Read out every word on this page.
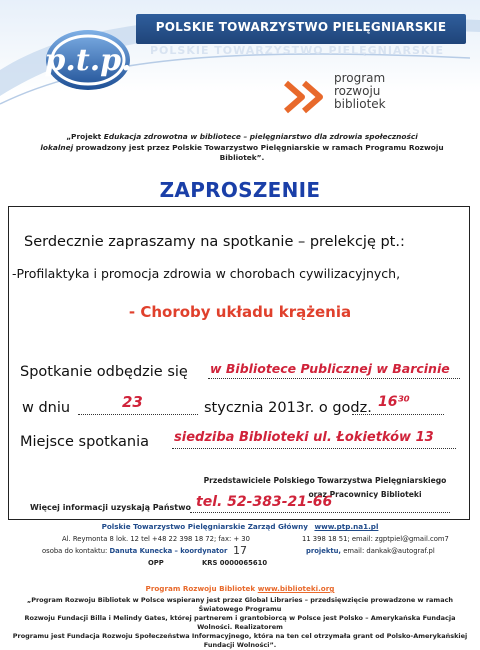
p.t.p.
POLSKIE TOWARZYSTWO PIELĘGNIARSKIE
POLSKIE TOWARZYSTWO PIELĘGNIARSKIE
program
rozwoju
bibliotek
„Projekt Edukacja zdrowotna w bibliotece – pielęgniarstwo dla zdrowia społeczności
lokalnej prowadzony jest przez Polskie Towarzystwo Pielęgniarskie w ramach Programu Rozwoju Bibliotek”.
ZAPROSZENIE
Serdecznie zapraszamy na spotkanie – prelekcję pt.:
-Profilaktyka i promocja zdrowia w chorobach cywilizacyjnych,
- Choroby układu krążenia
Spotkanie odbędzie się w Bibliotece Publicznej w Barcinie
w dniu	23	stycznia 2013r. o godz. 16³⁰
Miejsce spotkania siedziba Biblioteki ul. Łokietków 13
Przedstawiciele Polskiego Towarzystwa Pielęgniarskiego
oraz Pracownicy Biblioteki
Więcej informacji uzyskają Państwo tel. 52-383-21-66
Polskie Towarzystwo Pielęgniarskie Zarząd Główny www.ptp.na1.pl
Al. Reymonta 8 lok. 12 tel +48 22 398 18 72; fax: + 30	11 398 18 51; email: zgptpiel@gmail.com7
osoba do kontaktu: Danuta Kunecka – koordynator 17	projektu, email: dankak@autograf.pl
OPP	KRS 0000065610
Program Rozwoju Bibliotek www.biblioteki.org
„Program Rozwoju Bibliotek w Polsce wspierany jest przez Global Libraries – przedsięwzięcie prowadzone w ramach Światowego Programu
Rozwoju Fundacji Billa i Melindy Gates, której partnerem i grantobiorcą w Polsce jest Polsko – Amerykańska Fundacja Wolności. Realizatorem
Programu jest Fundacja Rozwoju Społeczeństwa Informacyjnego, która na ten cel otrzymała grant od Polsko-Amerykańskiej Fundacji Wolności”.
